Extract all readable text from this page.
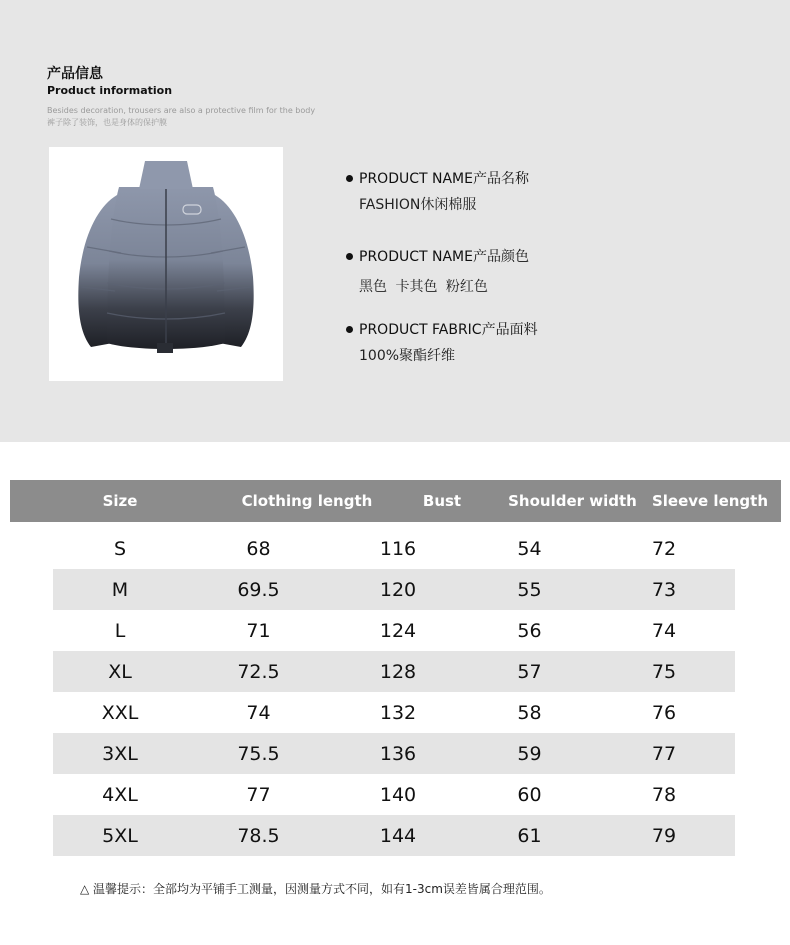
产品信息
Product information
Besides decoration, trousers are also a protective film for the body
裤子除了装饰，也是身体的保护膜
PRODUCT NAME产品名称
FASHION休闲棉服
PRODUCT NAME产品颜色
黑色 卡其色 粉红色
PRODUCT FABRIC产品面料
100%聚酯纤维
Size	Clothing length	Bust	Shoulder width	Sleeve length
S	68	116	54	72
M	69.5	120	55	73
L	71	124	56	74
XL	72.5	128	57	75
XXL	74	132	58	76
3XL	75.5	136	59	77
4XL	77	140	60	78
5XL	78.5	144	61	79
△ 温馨提示：全部均为平铺手工测量，因测量方式不同，如有1-3cm误差皆属合理范围。
